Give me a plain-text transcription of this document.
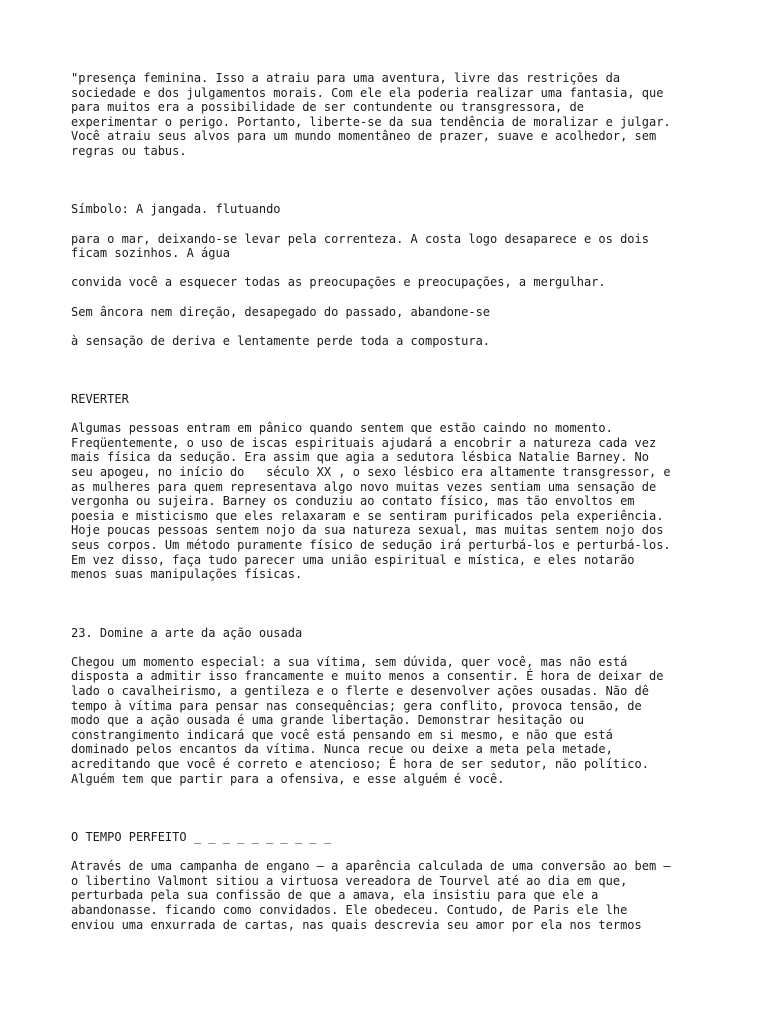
"presença feminina. Isso a atraiu para uma aventura, livre das restrições da
sociedade e dos julgamentos morais. Com ele ela poderia realizar uma fantasia, que
para muitos era a possibilidade de ser contundente ou transgressora, de
experimentar o perigo. Portanto, liberte-se da sua tendência de moralizar e julgar.
Você atraiu seus alvos para um mundo momentâneo de prazer, suave e acolhedor, sem
regras ou tabus.

Símbolo: A jangada. flutuando

para o mar, deixando-se levar pela correnteza. A costa logo desaparece e os dois
ficam sozinhos. A água

convida você a esquecer todas as preocupações e preocupações, a mergulhar.

Sem âncora nem direção, desapegado do passado, abandone-se

à sensação de deriva e lentamente perde toda a compostura.

REVERTER

Algumas pessoas entram em pânico quando sentem que estão caindo no momento.
Freqüentemente, o uso de iscas espirituais ajudará a encobrir a natureza cada vez
mais física da sedução. Era assim que agia a sedutora lésbica Natalie Barney. No
seu apogeu, no início do   século XX , o sexo lésbico era altamente transgressor, e
as mulheres para quem representava algo novo muitas vezes sentiam uma sensação de
vergonha ou sujeira. Barney os conduziu ao contato físico, mas tão envoltos em
poesia e misticismo que eles relaxaram e se sentiram purificados pela experiência.
Hoje poucas pessoas sentem nojo da sua natureza sexual, mas muitas sentem nojo dos
seus corpos. Um método puramente físico de sedução irá perturbá-los e perturbá-los.
Em vez disso, faça tudo parecer uma união espiritual e mística, e eles notarão
menos suas manipulações físicas.

23. Domine a arte da ação ousada

Chegou um momento especial: a sua vítima, sem dúvida, quer você, mas não está
disposta a admitir isso francamente e muito menos a consentir. É hora de deixar de
lado o cavalheirismo, a gentileza e o flerte e desenvolver ações ousadas. Não dê
tempo à vítima para pensar nas consequências; gera conflito, provoca tensão, de
modo que a ação ousada é uma grande libertação. Demonstrar hesitação ou
constrangimento indicará que você está pensando em si mesmo, e não que está
dominado pelos encantos da vítima. Nunca recue ou deixe a meta pela metade,
acreditando que você é correto e atencioso; É hora de ser sedutor, não político.
Alguém tem que partir para a ofensiva, e esse alguém é você.

O TEMPO PERFEITO _ _ _ _ _ _ _ _ _ _

Através de uma campanha de engano – a aparência calculada de uma conversão ao bem –
o libertino Valmont sitiou a virtuosa vereadora de Tourvel até ao dia em que,
perturbada pela sua confissão de que a amava, ela insistiu para que ele a
abandonasse. ficando como convidados. Ele obedeceu. Contudo, de Paris ele lhe
enviou uma enxurrada de cartas, nas quais descrevia seu amor por ela nos termos
